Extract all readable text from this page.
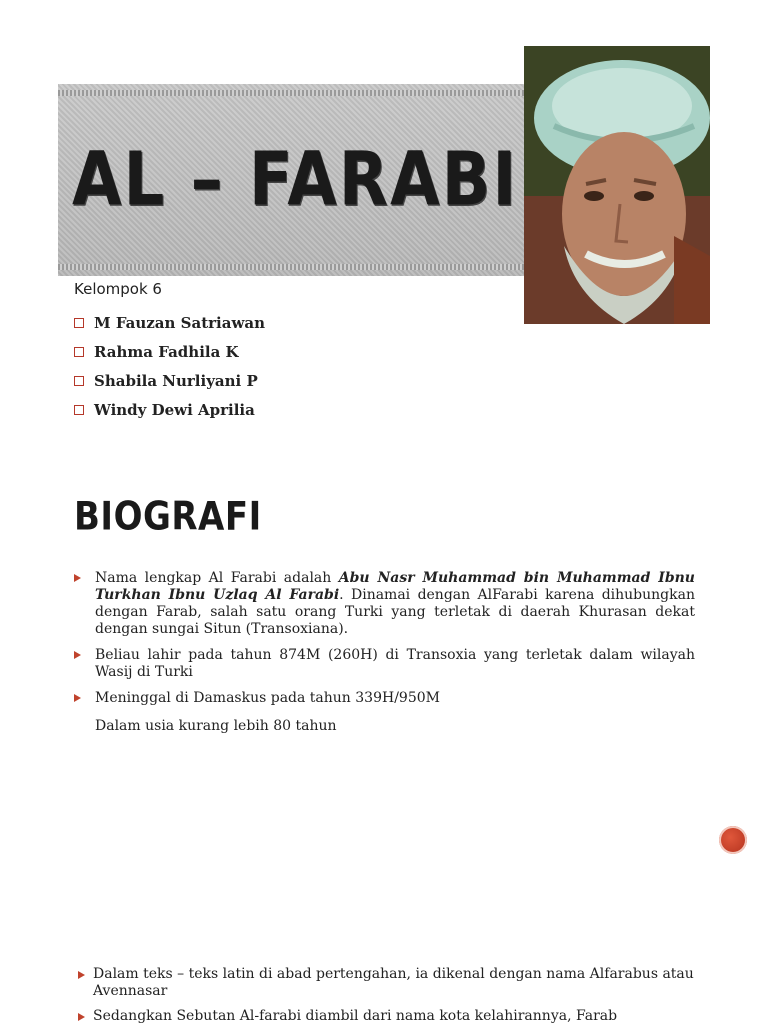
AL – FARABI
Kelompok 6
M Fauzan Satriawan
Rahma Fadhila K
Shabila Nurliyani P
Windy Dewi Aprilia
BIOGRAFI
Nama lengkap Al Farabi adalah Abu Nasr Muhammad bin Muhammad Ibnu Turkhan Ibnu Uzlaq Al Farabi. Dinamai dengan AlFarabi karena dihubungkan dengan Farab, salah satu orang Turki yang terletak di daerah Khurasan dekat dengan sungai Situn (Transoxiana).
Beliau lahir pada tahun 874M (260H) di Transoxia yang terletak dalam wilayah Wasij di Turki
Meninggal di Damaskus pada tahun 339H/950M
Dalam usia kurang lebih 80 tahun
Dalam teks – teks latin di abad pertengahan, ia dikenal dengan nama Alfarabus atau Avennasar
Sedangkan Sebutan Al-farabi diambil dari nama kota kelahirannya, Farab
